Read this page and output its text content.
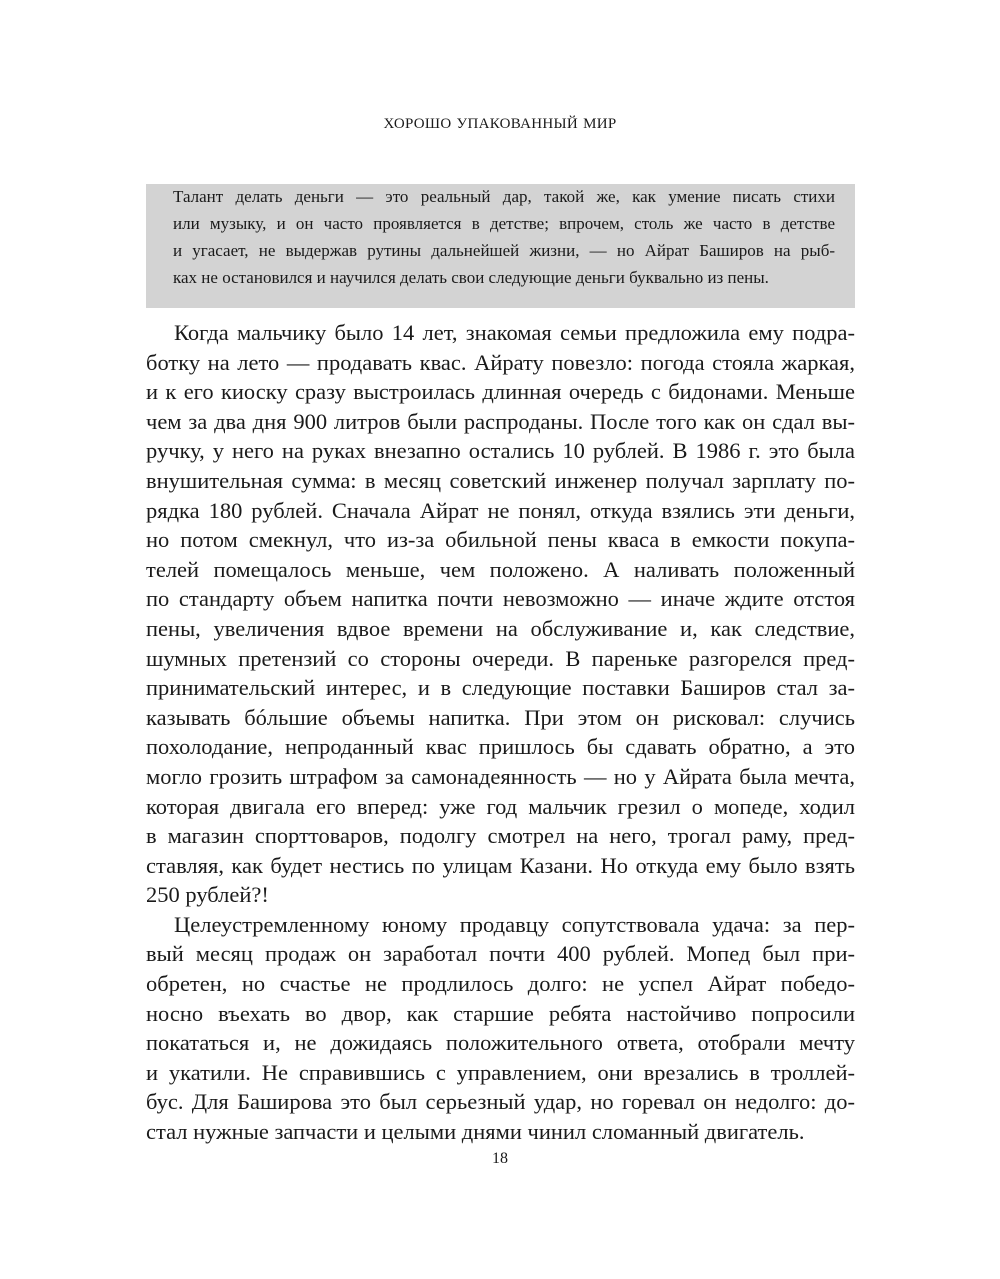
ХОРОШО УПАКОВАННЫЙ МИР
Талант делать деньги — это реальный дар, такой же, как умение писать стихи
или музыку, и он часто проявляется в детстве; впрочем, столь же часто в детстве
и угасает, не выдержав рутины дальнейшей жизни, — но Айрат Баширов на рыб-
ках не остановился и научился делать свои следующие деньги буквально из пены.
Когда мальчику было 14 лет, знакомая семьи предложила ему подра-
ботку на лето — продавать квас. Айрату повезло: погода стояла жаркая,
и к его киоску сразу выстроилась длинная очередь с бидонами. Меньше
чем за два дня 900 литров были распроданы. После того как он сдал вы-
ручку, у него на руках внезапно остались 10 рублей. В 1986 г. это была
внушительная сумма: в месяц советский инженер получал зарплату по-
рядка 180 рублей. Сначала Айрат не понял, откуда взялись эти деньги,
но потом смекнул, что из-за обильной пены кваса в емкости покупа-
телей помещалось меньше, чем положено. А наливать положенный
по стандарту объем напитка почти невозможно — иначе ждите отстоя
пены, увеличения вдвое времени на обслуживание и, как следствие,
шумных претензий со стороны очереди. В пареньке разгорелся пред-
принимательский интерес, и в следующие поставки Баширов стал за-
казывать бóльшие объемы напитка. При этом он рисковал: случись
похолодание, непроданный квас пришлось бы сдавать обратно, а это
могло грозить штрафом за самонадеянность — но у Айрата была мечта,
которая двигала его вперед: уже год мальчик грезил о мопеде, ходил
в магазин спорттоваров, подолгу смотрел на него, трогал раму, пред-
ставляя, как будет нестись по улицам Казани. Но откуда ему было взять
250 рублей?!
Целеустремленному юному продавцу сопутствовала удача: за пер-
вый месяц продаж он заработал почти 400 рублей. Мопед был при-
обретен, но счастье не продлилось долго: не успел Айрат победо-
носно въехать во двор, как старшие ребята настойчиво попросили
покататься и, не дожидаясь положительного ответа, отобрали мечту
и укатили. Не справившись с управлением, они врезались в троллей-
бус. Для Баширова это был серьезный удар, но горевал он недолго: до-
стал нужные запчасти и целыми днями чинил сломанный двигатель.
18
